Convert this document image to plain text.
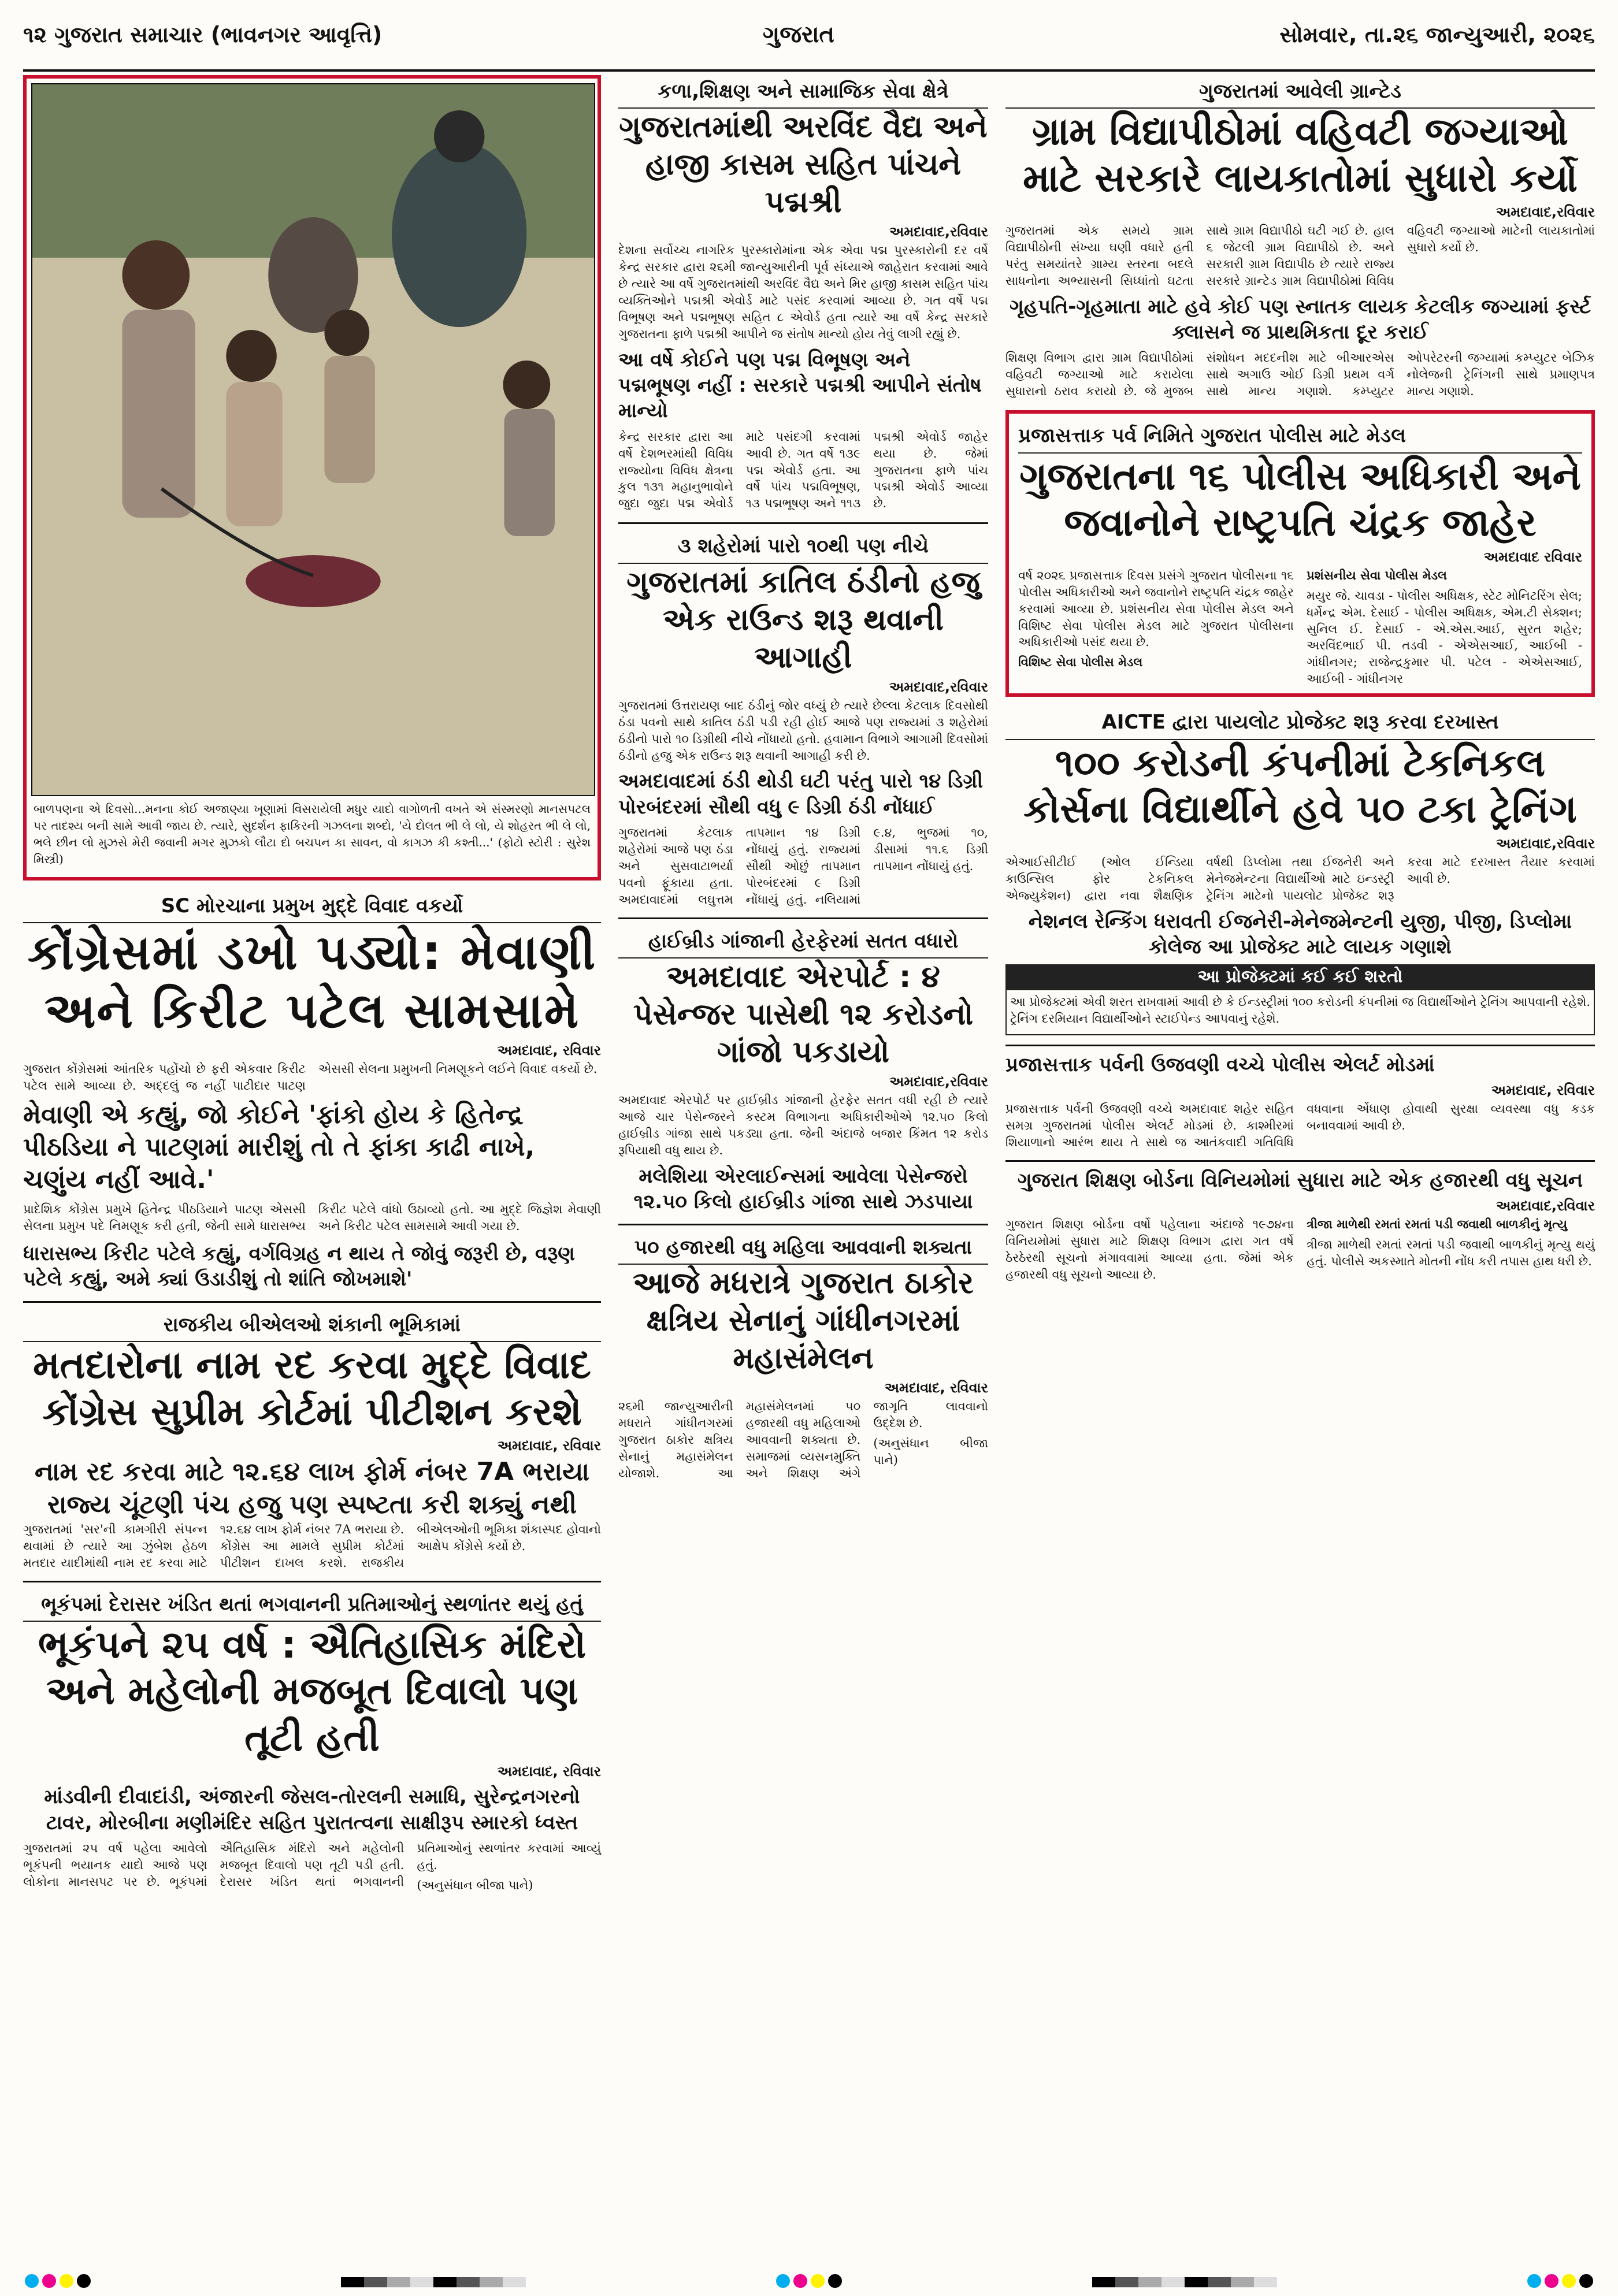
૧૨ ગુજરાત સમાચાર (ભાવનગર આવૃત્તિ)	ગુજરાત	સોમવાર, તા.૨૬ જાન્યુઆરી, ૨૦૨૬
બાળપણના એ દિવસો...મનના કોઈ અજાણ્યા ખૂણામાં વિસરાયેલી મધુર યાદો વાગોળતી વખતે એ સંસ્મરણો માનસપટલ પર તાદશ્ય બની સામે આવી જાય છે. ત્યારે, સુદર્શન ફાકિરની ગઝલના શબ્દો, 'યે દોલત ભી લે લો, યે શોહરત ભી લે લો, ભલે છીન લો મુઝસે મેરી જવાની મગર મુઝકો લૌટા દો બચપન કા સાવન, વો કાગઝ કી કશ્તી...' (ફોટો સ્ટોરી : સુરેશ મિસ્ત્રી)
SC મોરચાના પ્રમુખ મુદ્દે વિવાદ વકર્યો
કોંગ્રેસમાં ડખો પડ્યો: મેવાણી અને કિરીટ પટેલ સામસામે
અમદાવાદ, રવિવાર

ગુજરાત કોંગ્રેસમાં આંતરિક પહોંચો છે ફરી એકવાર કિરીટ પટેલ સામે આવ્યા છે. અદ્દલું જ નહીં પાટીદાર પાટણ એસસી સેલના પ્રમુખની નિમણૂકને લઈને વિવાદ વકર્યો છે.

મેવાણી એ કહ્યું, જો કોઈને 'ફાંકો હોય કે હિતેન્દ્ર પીઠડિયા ને પાટણમાં મારીશું તો તે ફાંકા કાઢી નાખે, ચણુંય નહીં આવે.'

પ્રાદેશિક કોંગ્રેસ પ્રમુખે હિતેન્દ્ર પીઠડિયાને પાટણ એસસી સેલના પ્રમુખ પદે નિમણૂક કરી હતી, જેની સામે ધારાસભ્ય કિરીટ પટેલે વાંધો ઉઠાવ્યો હતો. આ મુદ્દે જિજ્ઞેશ મેવાણી અને કિરીટ પટેલ સામસામે આવી ગયા છે.

ધારાસભ્ય કિરીટ પટેલે કહ્યું, વર્ગવિગ્રહ ન થાય તે જોવું જરૂરી છે, વરૂણ પટેલે કહ્યું, અમે ક્યાં ઉડાડીશું તો શાંતિ જોખમાશે'
રાજકીય બીએલઓ શંકાની ભૂમિકામાં
મતદારોના નામ રદ કરવા મુદ્દે વિવાદ કોંગ્રેસ સુપ્રીમ કોર્ટમાં પીટીશન કરશે
અમદાવાદ, રવિવાર
નામ રદ કરવા માટે ૧૨.૬૪ લાખ ફોર્મ નંબર 7A ભરાયા રાજ્ય ચૂંટણી પંચ હજુ પણ સ્પષ્ટતા કરી શક્યું નથી

ગુજરાતમાં 'સર'ની કામગીરી સંપન્ન થવામાં છે ત્યારે આ ઝુંબેશ હેઠળ મતદાર યાદીમાંથી નામ રદ કરવા માટે ૧૨.૬૪ લાખ ફોર્મ નંબર 7A ભરાયા છે. કોંગ્રેસ આ મામલે સુપ્રીમ કોર્ટમાં પીટીશન દાખલ કરશે. રાજકીય બીએલઓની ભૂમિકા શંકાસ્પદ હોવાનો આક્ષેપ કોંગ્રેસે કર્યો છે.

ભૂકંપમાં દેરાસર ખંડિત થતાં ભગવાનની પ્રતિમાઓનું સ્થળાંતર થયું હતું
ભૂકંપને ૨૫ વર્ષ : ઐતિહાસિક મંદિરો અને મહેલોની મજબૂત દિવાલો પણ તૂટી હતી
અમદાવાદ, રવિવાર
માંડવીની દીવાદાંડી, અંજારની જેસલ-તોરલની સમાધિ, સુરેન્દ્રનગરનો ટાવર, મોરબીના મણીમંદિર સહિત પુરાતત્વના સાક્ષીરૂપ સ્મારકો ધ્વસ્ત

ગુજરાતમાં ૨૫ વર્ષ પહેલા આવેલો ભૂકંપની ભયાનક યાદો આજે પણ લોકોના માનસપટ પર છે. ભૂકંપમાં ઐતિહાસિક મંદિરો અને મહેલોની મજબૂત દિવાલો પણ તૂટી પડી હતી. દેરાસર ખંડિત થતાં ભગવાનની પ્રતિમાઓનું સ્થળાંતર કરવામાં આવ્યું હતું.

(અનુસંધાન બીજા પાને)

કળા,શિક્ષણ અને સામાજિક સેવા ક્ષેત્રે
ગુજરાતમાંથી અરવિંદ વૈદ્ય અને હાજી કાસમ સહિત પાંચને પદ્મશ્રી
અમદાવાદ,રવિવાર

દેશના સર્વોચ્ચ નાગરિક પુરસ્કારોમાંના એક એવા પદ્મ પુરસ્કારોની દર વર્ષે કેન્દ્ર સરકાર દ્વારા ૨૬મી જાન્યુઆરીની પૂર્વ સંધ્યાએ જાહેરાત કરવામાં આવે છે ત્યારે આ વર્ષે ગુજરાતમાંથી અરવિંદ વૈદ્ય અને મિર હાજી કાસમ સહિત પાંચ વ્યક્તિઓને પદ્મશ્રી એવોર્ડ માટે પસંદ કરવામાં આવ્યા છે. ગત વર્ષે પદ્મ વિભૂષણ અને પદ્મભૂષણ સહિત ૮ એવોર્ડ હતા ત્યારે આ વર્ષે કેન્દ્ર સરકારે ગુજરાતના ફાળે પદ્મશ્રી આપીને જ સંતોષ માન્યો હોય તેવું લાગી રહ્યું છે.

આ વર્ષે કોઈને પણ પદ્મ વિભૂષણ અને પદ્મભૂષણ નહીં : સરકારે પદ્મશ્રી આપીને સંતોષ માન્યો

કેન્દ્ર સરકાર દ્વારા આ વર્ષે દેશભરમાંથી વિવિધ રાજ્યોના વિવિધ ક્ષેત્રના કુલ ૧૩૧ મહાનુભાવોને જુદા જુદા પદ્મ એવોર્ડ માટે પસંદગી કરવામાં આવી છે. ગત વર્ષે ૧૩૯ પદ્મ એવોર્ડ હતા. આ વર્ષે પાંચ પદ્મવિભૂષણ, ૧૩ પદ્મભૂષણ અને ૧૧૩ પદ્મશ્રી એવોર્ડ જાહેર થયા છે. જેમાં ગુજરાતના ફાળે પાંચ પદ્મશ્રી એવોર્ડ આવ્યા છે.

૩ શહેરોમાં પારો ૧૦થી પણ નીચે
ગુજરાતમાં કાતિલ ઠંડીનો હજુ એક રાઉન્ડ શરૂ થવાની આગાહી
અમદાવાદ,રવિવાર

ગુજરાતમાં ઉત્તરાયણ બાદ ઠંડીનું જોર વધ્યું છે ત્યારે છેલ્લા કેટલાક દિવસોથી ઠંડા પવનો સાથે કાતિલ ઠંડી પડી રહી હોઈ આજે પણ રાજ્યમાં ૩ શહેરોમાં ઠંડીનો પારો ૧૦ ડિગ્રીથી નીચે નોંધાયો હતો. હવામાન વિભાગે આગામી દિવસોમાં ઠંડીનો હજુ એક રાઉન્ડ શરૂ થવાની આગાહી કરી છે.

અમદાવાદમાં ઠંડી થોડી ઘટી પરંતુ પારો ૧૪ ડિગ્રી પોરબંદરમાં સૌથી વધુ ૯ ડિગ્રી ઠંડી નોંધાઈ

ગુજરાતમાં કેટલાક શહેરોમાં આજે પણ ઠંડા અને સુસવાટાભર્યા પવનો ફૂંકાયા હતા. અમદાવાદમાં લઘુત્તમ તાપમાન ૧૪ ડિગ્રી નોંધાયું હતું. રાજ્યમાં સૌથી ઓછું તાપમાન પોરબંદરમાં ૯ ડિગ્રી નોંધાયું હતું. નલિયામાં ૯.૪, ભુજમાં ૧૦, ડીસામાં ૧૧.૬ ડિગ્રી તાપમાન નોંધાયું હતું.

હાઈબ્રીડ ગાંજાની હેરફેરમાં સતત વધારો
અમદાવાદ એરપોર્ટ : ૪ પેસેન્જર પાસેથી ૧૨ કરોડનો ગાંજો પકડાયો
અમદાવાદ,રવિવાર

અમદાવાદ એરપોર્ટ પર હાઈબ્રીડ ગાંજાની હેરફેર સતત વધી રહી છે ત્યારે આજે ચાર પેસેન્જરને કસ્ટમ વિભાગના અધિકારીઓએ ૧૨.૫૦ કિલો હાઈબ્રીડ ગાંજા સાથે પકડ્યા હતા. જેની અંદાજે બજાર કિંમત ૧૨ કરોડ રૂપિયાથી વધુ થાય છે.

મલેશિયા એરલાઈન્સમાં આવેલા પેસેન્જરો ૧૨.૫૦ કિલો હાઈબ્રીડ ગાંજા સાથે ઝડપાયા
૫૦ હજારથી વધુ મહિલા આવવાની શક્યતા
આજે મધરાત્રે ગુજરાત ઠાકોર ક્ષત્રિય સેનાનું ગાંધીનગરમાં મહાસંમેલન
અમદાવાદ, રવિવાર

૨૬મી જાન્યુઆરીની મધરાતે ગાંધીનગરમાં ગુજરાત ઠાકોર ક્ષત્રિય સેનાનું મહાસંમેલન યોજાશે. આ મહાસંમેલનમાં ૫૦ હજારથી વધુ મહિલાઓ આવવાની શક્યતા છે. સમાજમાં વ્યસનમુક્તિ અને શિક્ષણ અંગે જાગૃતિ લાવવાનો ઉદ્દેશ છે.

(અનુસંધાન બીજા પાને)

ગુજરાતમાં આવેલી ગ્રાન્ટેડ
ગ્રામ વિદ્યાપીઠોમાં વહિવટી જગ્યાઓ માટે સરકારે લાયકાતોમાં સુધારો કર્યો
અમદાવાદ,રવિવાર

ગુજરાતમાં એક સમયે ગ્રામ વિદ્યાપીઠોની સંખ્યા ઘણી વધારે હતી પરંતુ સમયાંતરે ગ્રામ્ય સ્તરના બદલે સાધનોના અભ્યાસની સિધ્ધાંતો ઘટતા સાથે ગ્રામ વિદ્યાપીઠો ઘટી ગઈ છે. હાલ ૬ જેટલી ગ્રામ વિદ્યાપીઠો છે. અને સરકારી ગ્રામ વિદ્યાપીઠ છે ત્યારે રાજ્ય સરકારે ગ્રાન્ટેડ ગ્રામ વિદ્યાપીઠોમાં વિવિધ વહિવટી જગ્યાઓ માટેની લાયકાતોમાં સુધારો કર્યો છે.

ગૃહપતિ-ગૃહમાતા માટે હવે કોઈ પણ સ્નાતક લાયક કેટલીક જગ્યામાં ફર્સ્ટ ક્લાસને જ પ્રાથમિકતા દૂર કરાઈ

શિક્ષણ વિભાગ દ્વારા ગ્રામ વિદ્યાપીઠોમાં વહિવટી જગ્યાઓ માટે કરાયેલા સુધારાનો ઠરાવ કરાયો છે. જે મુજબ સંશોધન મદદનીશ માટે બીઆરએસ સાથે અગાઉ ઓઈ ડિગ્રી પ્રથમ વર્ગ સાથે માન્ય ગણાશે. કમ્પ્યુટર ઓપરેટરની જગ્યામાં કમ્પ્યુટર બેઝિક નોલેજની ટ્રેનિંગની સાથે પ્રમાણપત્ર માન્ય ગણાશે.

પ્રજાસત્તાક પર્વ નિમિતે ગુજરાત પોલીસ માટે મેડલ
ગુજરાતના ૧૬ પોલીસ અધિકારી અને જવાનોને રાષ્ટ્રપતિ ચંદ્રક જાહેર
અમદાવાદ રવિવાર

વર્ષ ૨૦૨૬ પ્રજાસત્તાક દિવસ પ્રસંગે ગુજરાત પોલીસના ૧૬ પોલીસ અધિકારીઓ અને જવાનોને રાષ્ટ્રપતિ ચંદ્રક જાહેર કરવામાં આવ્યા છે. પ્રશંસનીય સેવા પોલીસ મેડલ અને વિશિષ્ટ સેવા પોલીસ મેડલ માટે ગુજરાત પોલીસના અધિકારીઓ પસંદ થયા છે.

વિશિષ્ટ સેવા પોલીસ મેડલ

પ્રશંસનીય સેવા પોલીસ મેડલ

મયુર જે. ચાવડા - પોલીસ અધિક્ષક, સ્ટેટ મોનિટરિંગ સેલ; ધર્મેન્દ્ર એમ. દેસાઈ - પોલીસ અધિક્ષક, એમ.ટી સેક્શન; સુનિલ ઈ. દેસાઈ - એ.એસ.આઈ, સુરત શહેર; અરવિંદભાઈ પી. તડવી - એએસઆઈ, આઈબી - ગાંધીનગર; રાજેન્દ્રકુમાર પી. પટેલ - એએસઆઈ, આઈબી - ગાંધીનગર

AICTE દ્વારા પાયલોટ પ્રોજેક્ટ શરૂ કરવા દરખાસ્ત
૧૦૦ કરોડની કંપનીમાં ટેકનિકલ કોર્સના વિદ્યાર્થીને હવે ૫૦ ટકા ટ્રેનિંગ
અમદાવાદ,રવિવાર

એઆઈસીટીઈ (ઓલ ઈન્ડિયા કાઉન્સિલ ફોર ટેકનિકલ એજ્યુકેશન) દ્વારા નવા શૈક્ષણિક વર્ષથી ડિપ્લોમા તથા ઈજનેરી અને મેનેજમેન્ટના વિદ્યાર્થીઓ માટે ઇન્ડસ્ટ્રી ટ્રેનિંગ માટેનો પાયલોટ પ્રોજેક્ટ શરૂ કરવા માટે દરખાસ્ત તૈયાર કરવામાં આવી છે.

નેશનલ રેન્કિંગ ધરાવતી ઈજનેરી-મેનેજમેન્ટની યુજી, પીજી, ડિપ્લોમા કોલેજ આ પ્રોજેક્ટ માટે લાયક ગણાશે
આ પ્રોજેક્ટમાં કઈ કઈ શરતો

આ પ્રોજેક્ટમાં એવી શરત રાખવામાં આવી છે કે ઈન્ડસ્ટ્રીમાં ૧૦૦ કરોડની કંપનીમાં જ વિદ્યાર્થીઓને ટ્રેનિંગ આપવાની રહેશે. ટ્રેનિંગ દરમિયાન વિદ્યાર્થીઓને સ્ટાઈપેન્ડ આપવાનું રહેશે.

પ્રજાસત્તાક પર્વની ઉજવણી વચ્ચે પોલીસ એલર્ટ મોડમાં
અમદાવાદ, રવિવાર

પ્રજાસત્તાક પર્વની ઉજવણી વચ્ચે અમદાવાદ શહેર સહિત સમગ્ર ગુજરાતમાં પોલીસ એલર્ટ મોડમાં છે. કાશ્મીરમાં શિયાળાનો આરંભ થાય તે સાથે જ આતંકવાદી ગતિવિધિ વધવાના એંધાણ હોવાથી સુરક્ષા વ્યવસ્થા વધુ કડક બનાવવામાં આવી છે.

ગુજરાત શિક્ષણ બોર્ડના વિનિયમોમાં સુધારા માટે એક હજારથી વધુ સૂચન
અમદાવાદ,રવિવાર

ગુજરાત શિક્ષણ બોર્ડના વર્ષો પહેલાના અંદાજે ૧૯૭૪ના વિનિયમોમાં સુધારા માટે શિક્ષણ વિભાગ દ્વારા ગત વર્ષે ઠેરઠેરથી સૂચનો મંગાવવામાં આવ્યા હતા. જેમાં એક હજારથી વધુ સૂચનો આવ્યા છે.

ત્રીજા માળેથી રમતાં રમતાં પડી જવાથી બાળકીનું મૃત્યુ

ત્રીજા માળેથી રમતાં રમતાં પડી જવાથી બાળકીનું મૃત્યુ થયું હતું. પોલીસે અકસ્માતે મોતની નોંધ કરી તપાસ હાથ ધરી છે.
